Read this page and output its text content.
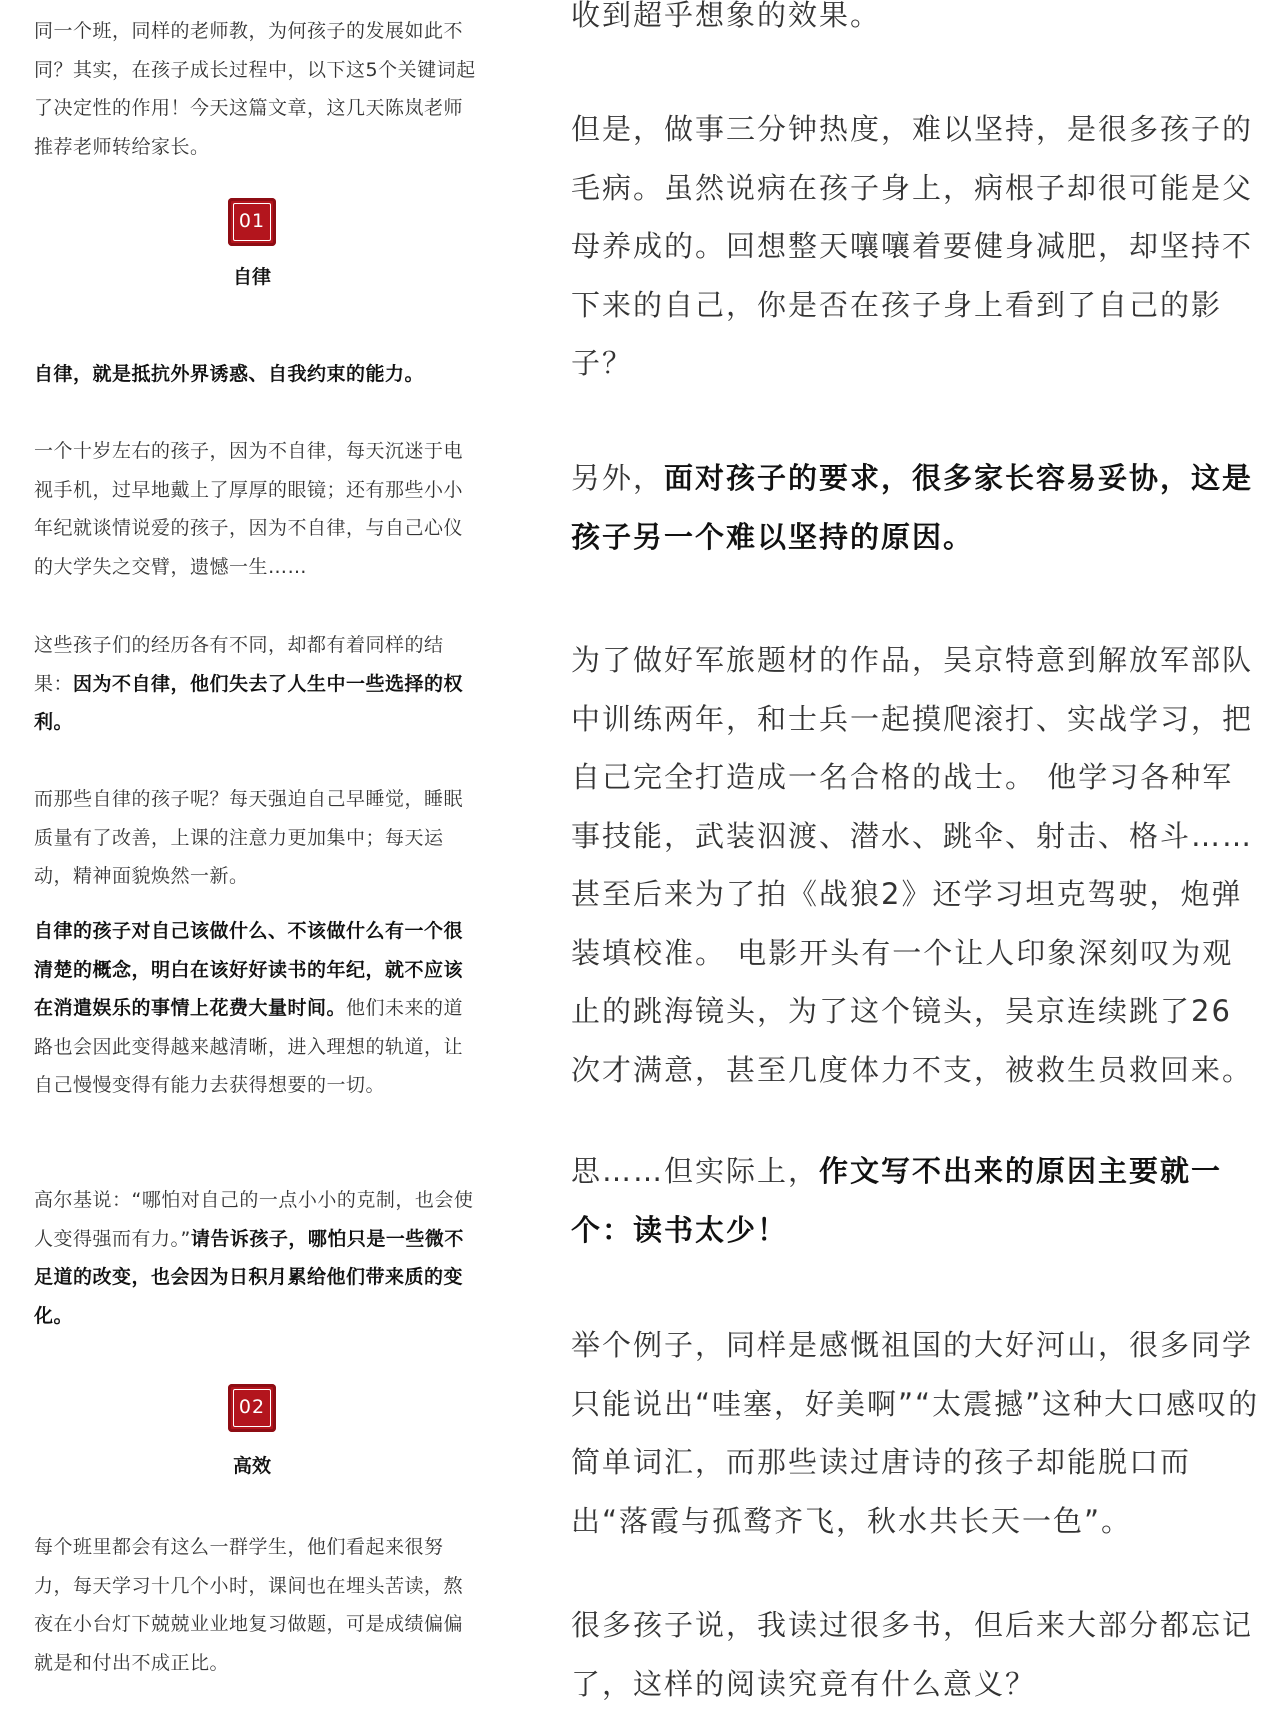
同一个班，同样的老师教，为何孩子的发展如此不同？其实，在孩子成长过程中，以下这5个关键词起了决定性的作用！今天这篇文章，这几天陈岚老师推荐老师转给家长。

01
自律

自律，就是抵抗外界诱惑、自我约束的能力。

一个十岁左右的孩子，因为不自律，每天沉迷于电视手机，过早地戴上了厚厚的眼镜；还有那些小小年纪就谈情说爱的孩子，因为不自律，与自己心仪的大学失之交臂，遗憾一生……

这些孩子们的经历各有不同，却都有着同样的结果：因为不自律，他们失去了人生中一些选择的权利。

而那些自律的孩子呢？每天强迫自己早睡觉，睡眠质量有了改善，上课的注意力更加集中；每天运动，精神面貌焕然一新。

自律的孩子对自己该做什么、不该做什么有一个很清楚的概念，明白在该好好读书的年纪，就不应该在消遣娱乐的事情上花费大量时间。他们未来的道路也会因此变得越来越清晰，进入理想的轨道，让自己慢慢变得有能力去获得想要的一切。

高尔基说：“哪怕对自己的一点小小的克制，也会使人变得强而有力。”请告诉孩子，哪怕只是一些微不足道的改变，也会因为日积月累给他们带来质的变化。

02
高效

每个班里都会有这么一群学生，他们看起来很努力，每天学习十几个小时，课间也在埋头苦读，熬夜在小台灯下兢兢业业地复习做题，可是成绩偏偏就是和付出不成正比。

收到超乎想象的效果。

但是，做事三分钟热度，难以坚持，是很多孩子的毛病。虽然说病在孩子身上，病根子却很可能是父母养成的。回想整天嚷嚷着要健身减肥，却坚持不下来的自己，你是否在孩子身上看到了自己的影子？

另外，面对孩子的要求，很多家长容易妥协，这是孩子另一个难以坚持的原因。

为了做好军旅题材的作品，吴京特意到解放军部队中训练两年，和士兵一起摸爬滚打、实战学习，把自己完全打造成一名合格的战士。 他学习各种军事技能，武装泅渡、潜水、跳伞、射击、格斗……甚至后来为了拍《战狼2》还学习坦克驾驶，炮弹装填校准。 电影开头有一个让人印象深刻叹为观止的跳海镜头，为了这个镜头，吴京连续跳了26次才满意，甚至几度体力不支，被救生员救回来。

思……但实际上，作文写不出来的原因主要就一个：读书太少！

举个例子，同样是感慨祖国的大好河山，很多同学只能说出“哇塞，好美啊”“太震撼”这种大口感叹的简单词汇，而那些读过唐诗的孩子却能脱口而出“落霞与孤鹜齐飞，秋水共长天一色”。

很多孩子说，我读过很多书，但后来大部分都忘记了，这样的阅读究竟有什么意义？
